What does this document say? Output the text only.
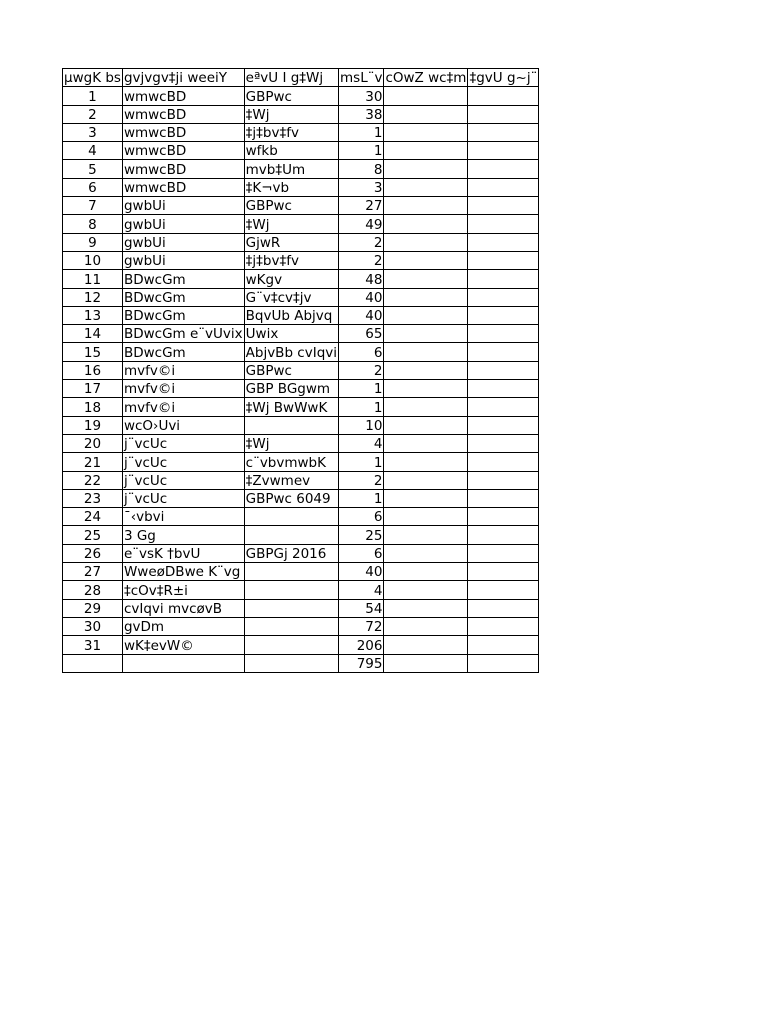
µwgK bs	gvjvgv‡ji weeiY	eªvU I g‡Wj	msL¨v	cOwZ wc‡m	‡gvU g~j¨
1	wmwcBD	GBPwc	30		
2	wmwcBD	‡Wj	38		
3	wmwcBD	‡j‡bv‡fv	1		
4	wmwcBD	wfkb	1		
5	wmwcBD	mvb‡Um	8		
6	wmwcBD	‡K¬vb	3		
7	gwbUi	GBPwc	27		
8	gwbUi	‡Wj	49		
9	gwbUi	GjwR	2		
10	gwbUi	‡j‡bv‡fv	2		
11	BDwcGm	wKgv	48		
12	BDwcGm	G¨v‡cv‡jv	40		
13	BDwcGm	BqvUb Abjvq	40		
14	BDwcGm e¨vUvix	Uwix	65		
15	BDwcGm	AbjvBb cvIqvi	6		
16	mvfv©i	GBPwc	2		
17	mvfv©i	GBP BGgwm	1		
18	mvfv©i	‡Wj BwWwK	1		
19	wcO›Uvi		10		
20	j¨vcUc	‡Wj	4		
21	j¨vcUc	c¨vbvmwbK	1		
22	j¨vcUc	‡Zvwmev	2		
23	j¨vcUc	GBPwc 6049	1		
24	¯‹vbvi		6		
25	3 Gg		25		
26	e¨vsK †bvU	GBPGj 2016	6		
27	WweøDBwe K¨vg		40		
28	‡cOv‡R±i		4		
29	cvIqvi mvcøvB		54		
30	gvDm		72		
31	wK‡evW©		206		
			795		
